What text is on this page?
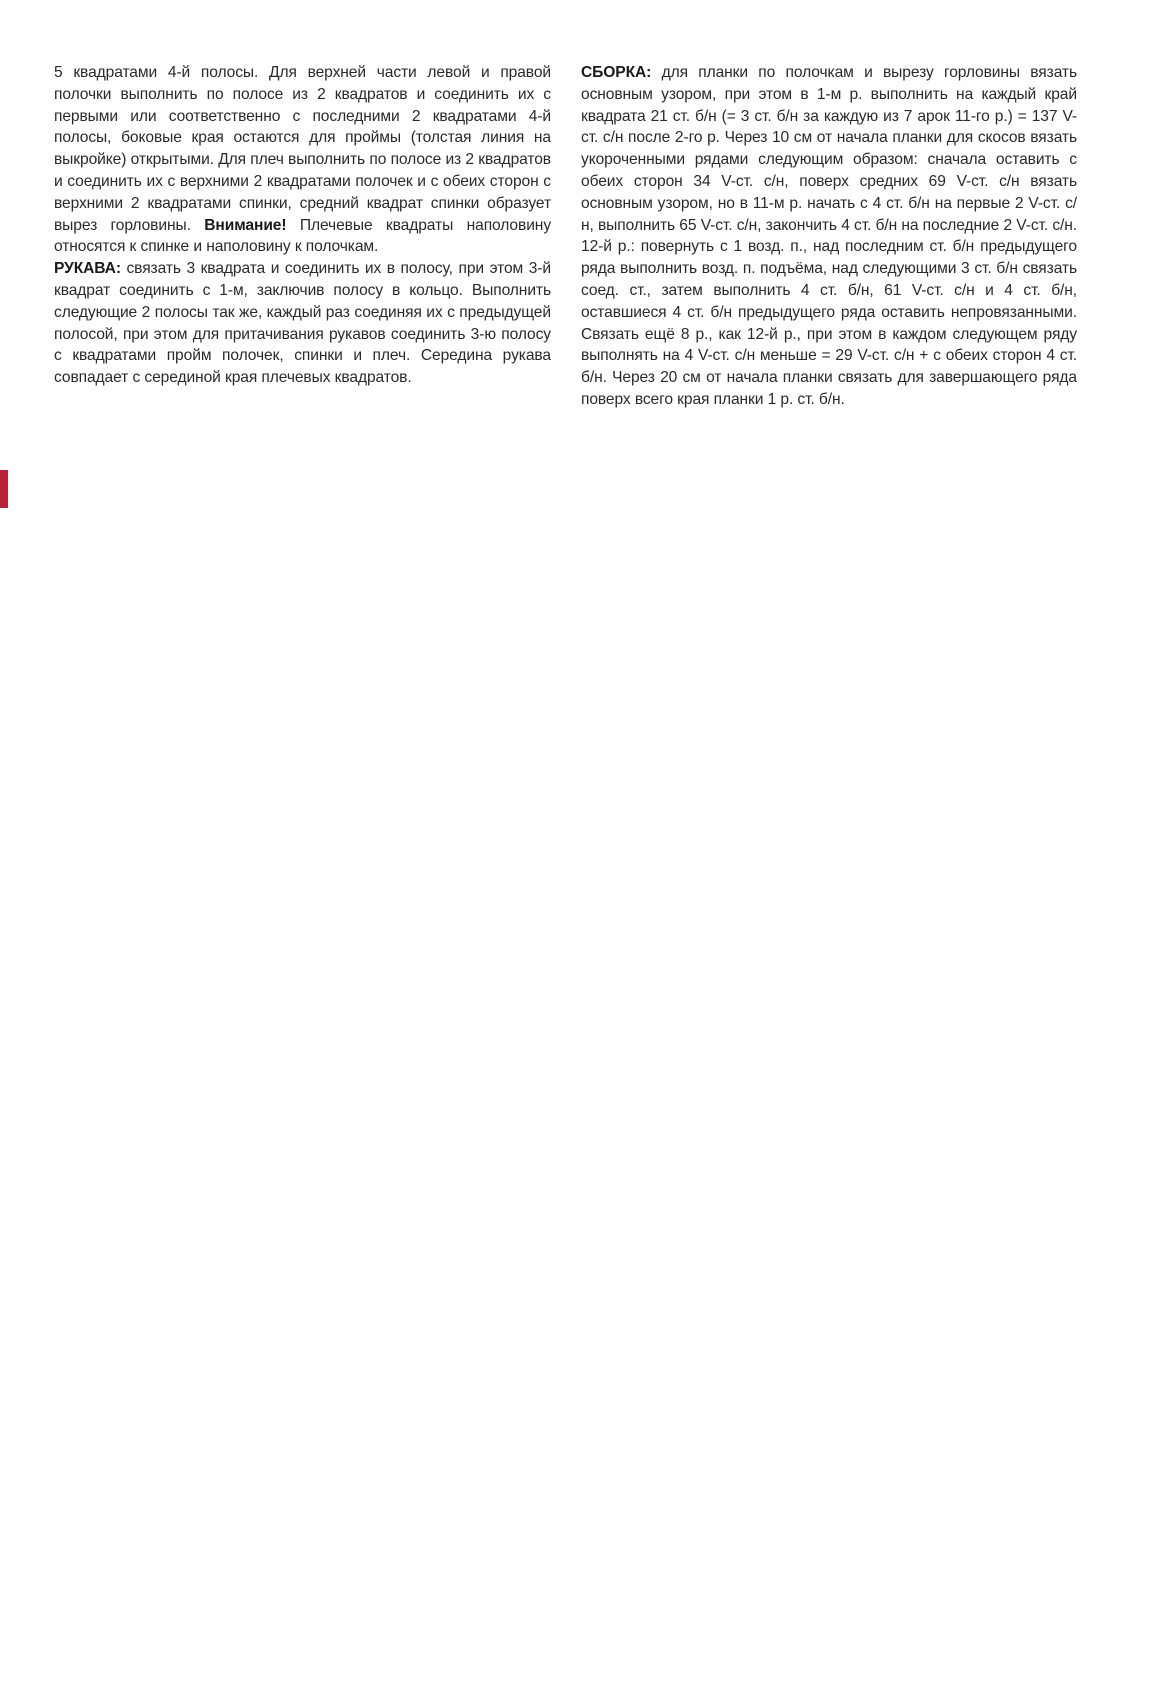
5 квадратами 4-й полосы. Для верхней части левой и правой полочки выполнить по полосе из 2 квадратов и соединить их с первыми или соответственно с последними 2 квадратами 4-й полосы, боковые края остаются для проймы (толстая линия на выкройке) открытыми. Для плеч выполнить по полосе из 2 квадратов и соединить их с верхними 2 квадратами полочек и с обеих сторон с верхними 2 квадратами спинки, средний квадрат спинки образует вырез горловины. Внимание! Плечевые квадраты наполовину относятся к спинке и наполовину к полочкам.

РУКАВА: связать 3 квадрата и соединить их в полосу, при этом 3-й квадрат соединить с 1-м, заключив полосу в кольцо. Выполнить следующие 2 полосы так же, каждый раз соединяя их с предыдущей полосой, при этом для притачивания рукавов соединить 3-ю полосу с квадратами пройм полочек, спинки и плеч. Середина рукава совпадает с серединой края плечевых квадратов.

СБОРКА: для планки по полочкам и вырезу горловины вязать основным узором, при этом в 1-м р. выполнить на каждый край квадрата 21 ст. б/н (= 3 ст. б/н за каждую из 7 арок 11-го р.) = 137 V-ст. с/н после 2-го р. Через 10 см от начала планки для скосов вязать укороченными рядами следующим образом: сначала оставить с обеих сторон 34 V-ст. с/н, поверх средних 69 V-ст. с/н вязать основным узором, но в 11-м р. начать с 4 ст. б/н на первые 2 V-ст. с/н, выполнить 65 V-ст. с/н, закончить 4 ст. б/н на последние 2 V-ст. с/н. 12-й р.: повернуть с 1 возд. п., над последним ст. б/н предыдущего ряда выполнить возд. п. подъёма, над следующими 3 ст. б/н связать соед. ст., затем выполнить 4 ст. б/н, 61 V-ст. с/н и 4 ст. б/н, оставшиеся 4 ст. б/н предыдущего ряда оставить непровязанными. Связать ещё 8 р., как 12-й р., при этом в каждом следующем ряду выполнять на 4 V-ст. с/н меньше = 29 V-ст. с/н + с обеих сторон 4 ст. б/н. Через 20 см от начала планки связать для завершающего ряда поверх всего края планки 1 р. ст. б/н.
